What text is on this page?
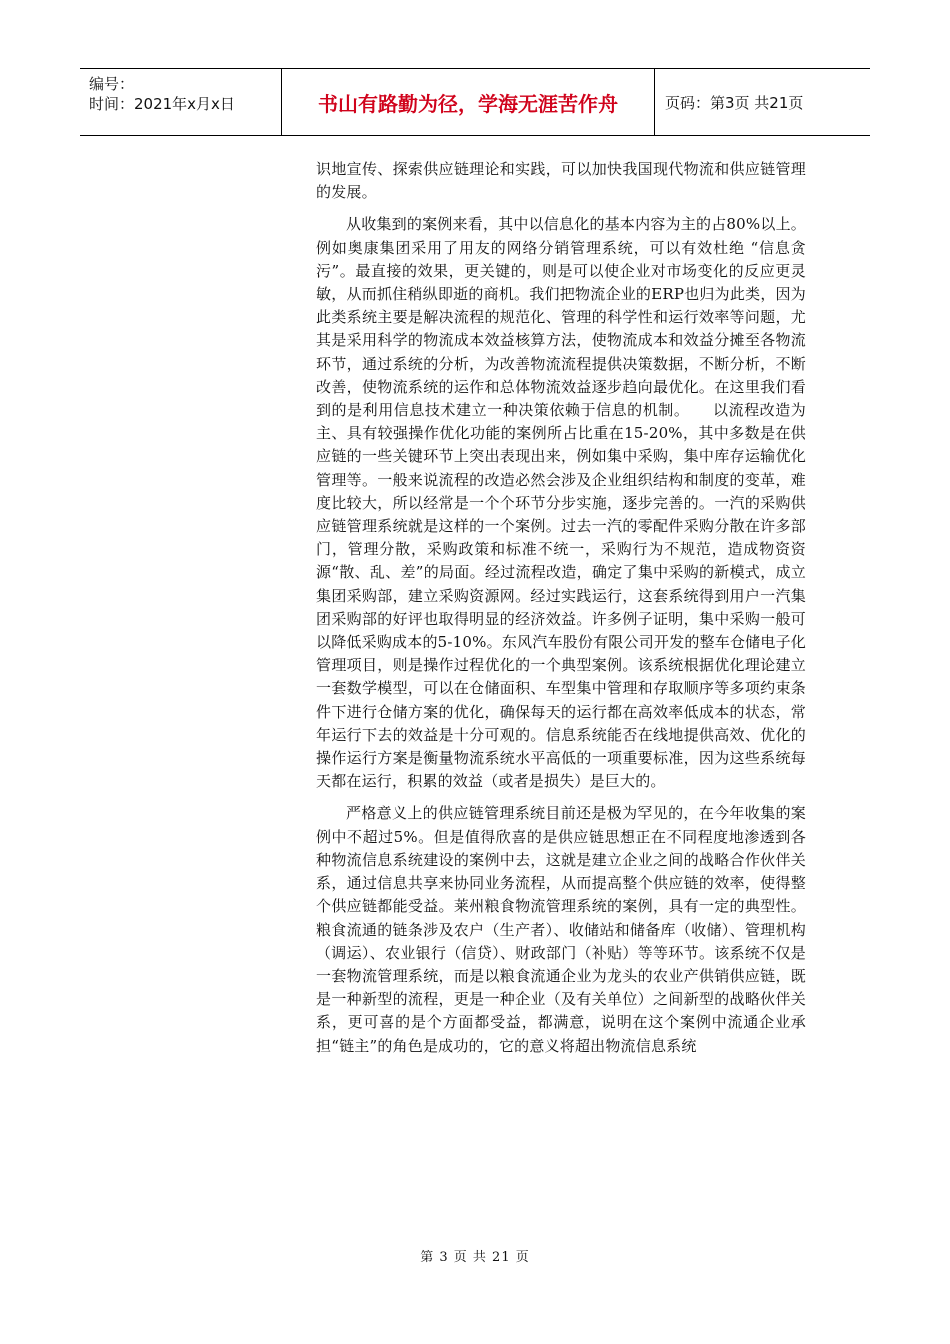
编号：
时间：2021年x月x日	书山有路勤为径，学海无涯苦作舟	页码：第3页 共21页

识地宣传、探索供应链理论和实践，可以加快我国现代物流和供应链管理的发展。

从收集到的案例来看，其中以信息化的基本内容为主的占80%以上。例如奥康集团采用了用友的网络分销管理系统，可以有效杜绝 “信息贪污”。最直接的效果，更关键的，则是可以使企业对市场变化的反应更灵敏，从而抓住稍纵即逝的商机。我们把物流企业的ERP也归为此类，因为此类系统主要是解决流程的规范化、管理的科学性和运行效率等问题，尤其是采用科学的物流成本效益核算方法，使物流成本和效益分摊至各物流环节，通过系统的分析，为改善物流流程提供决策数据，不断分析，不断改善，使物流系统的运作和总体物流效益逐步趋向最优化。在这里我们看到的是利用信息技术建立一种决策依赖于信息的机制。　　以流程改造为主、具有较强操作优化功能的案例所占比重在15-20%，其中多数是在供应链的一些关键环节上突出表现出来，例如集中采购，集中库存运输优化管理等。一般来说流程的改造必然会涉及企业组织结构和制度的变革，难度比较大，所以经常是一个个环节分步实施，逐步完善的。一汽的采购供应链管理系统就是这样的一个案例。过去一汽的零配件采购分散在许多部门，管理分散，采购政策和标准不统一，采购行为不规范，造成物资资源“散、乱、差”的局面。经过流程改造，确定了集中采购的新模式，成立集团采购部，建立采购资源网。经过实践运行，这套系统得到用户一汽集团采购部的好评也取得明显的经济效益。许多例子证明，集中采购一般可以降低采购成本的5-10%。东风汽车股份有限公司开发的整车仓储电子化管理项目，则是操作过程优化的一个典型案例。该系统根据优化理论建立一套数学模型，可以在仓储面积、车型集中管理和存取顺序等多项约束条件下进行仓储方案的优化，确保每天的运行都在高效率低成本的状态，常年运行下去的效益是十分可观的。信息系统能否在线地提供高效、优化的操作运行方案是衡量物流系统水平高低的一项重要标准，因为这些系统每天都在运行，积累的效益（或者是损失）是巨大的。

严格意义上的供应链管理系统目前还是极为罕见的，在今年收集的案例中不超过5%。但是值得欣喜的是供应链思想正在不同程度地渗透到各种物流信息系统建设的案例中去，这就是建立企业之间的战略合作伙伴关系，通过信息共享来协同业务流程，从而提高整个供应链的效率，使得整个供应链都能受益。莱州粮食物流管理系统的案例，具有一定的典型性。粮食流通的链条涉及农户（生产者）、收储站和储备库（收储）、管理机构（调运）、农业银行（信贷）、财政部门（补贴）等等环节。该系统不仅是一套物流管理系统，而是以粮食流通企业为龙头的农业产供销供应链，既是一种新型的流程，更是一种企业（及有关单位）之间新型的战略伙伴关系，更可喜的是个方面都受益，都满意，说明在这个案例中流通企业承担“链主”的角色是成功的，它的意义将超出物流信息系统

第 3 页 共 21 页
